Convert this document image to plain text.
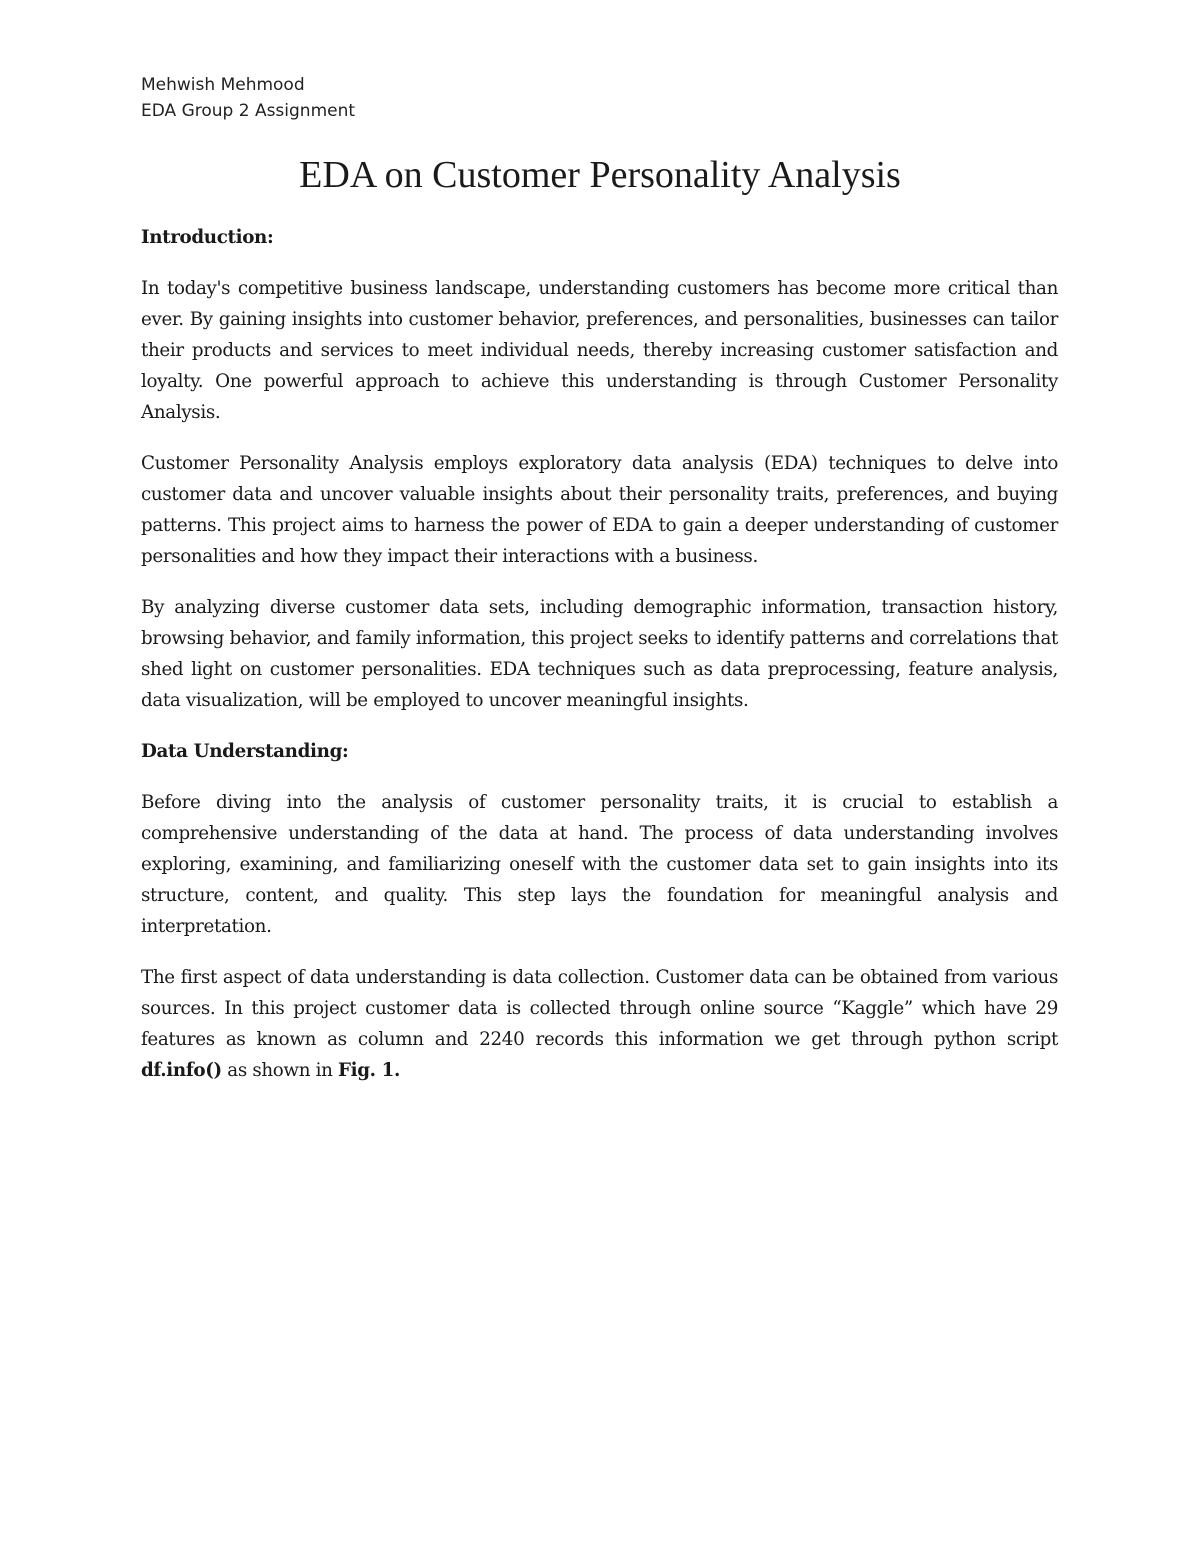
Mehwish Mehmood
EDA Group 2 Assignment
EDA on Customer Personality Analysis
Introduction:

In today's competitive business landscape, understanding customers has become more critical than ever. By gaining insights into customer behavior, preferences, and personalities, businesses can tailor their products and services to meet individual needs, thereby increasing customer satisfaction and loyalty. One powerful approach to achieve this understanding is through Customer Personality Analysis.

Customer Personality Analysis employs exploratory data analysis (EDA) techniques to delve into customer data and uncover valuable insights about their personality traits, preferences, and buying patterns. This project aims to harness the power of EDA to gain a deeper understanding of customer personalities and how they impact their interactions with a business.

By analyzing diverse customer data sets, including demographic information, transaction history, browsing behavior, and family information, this project seeks to identify patterns and correlations that shed light on customer personalities. EDA techniques such as data preprocessing, feature analysis, data visualization, will be employed to uncover meaningful insights.

Data Understanding:

Before diving into the analysis of customer personality traits, it is crucial to establish a comprehensive understanding of the data at hand. The process of data understanding involves exploring, examining, and familiarizing oneself with the customer data set to gain insights into its structure, content, and quality. This step lays the foundation for meaningful analysis and interpretation.

The first aspect of data understanding is data collection. Customer data can be obtained from various sources. In this project customer data is collected through online source “Kaggle” which have 29 features as known as column and 2240 records this information we get through python script df.info() as shown in Fig. 1.
